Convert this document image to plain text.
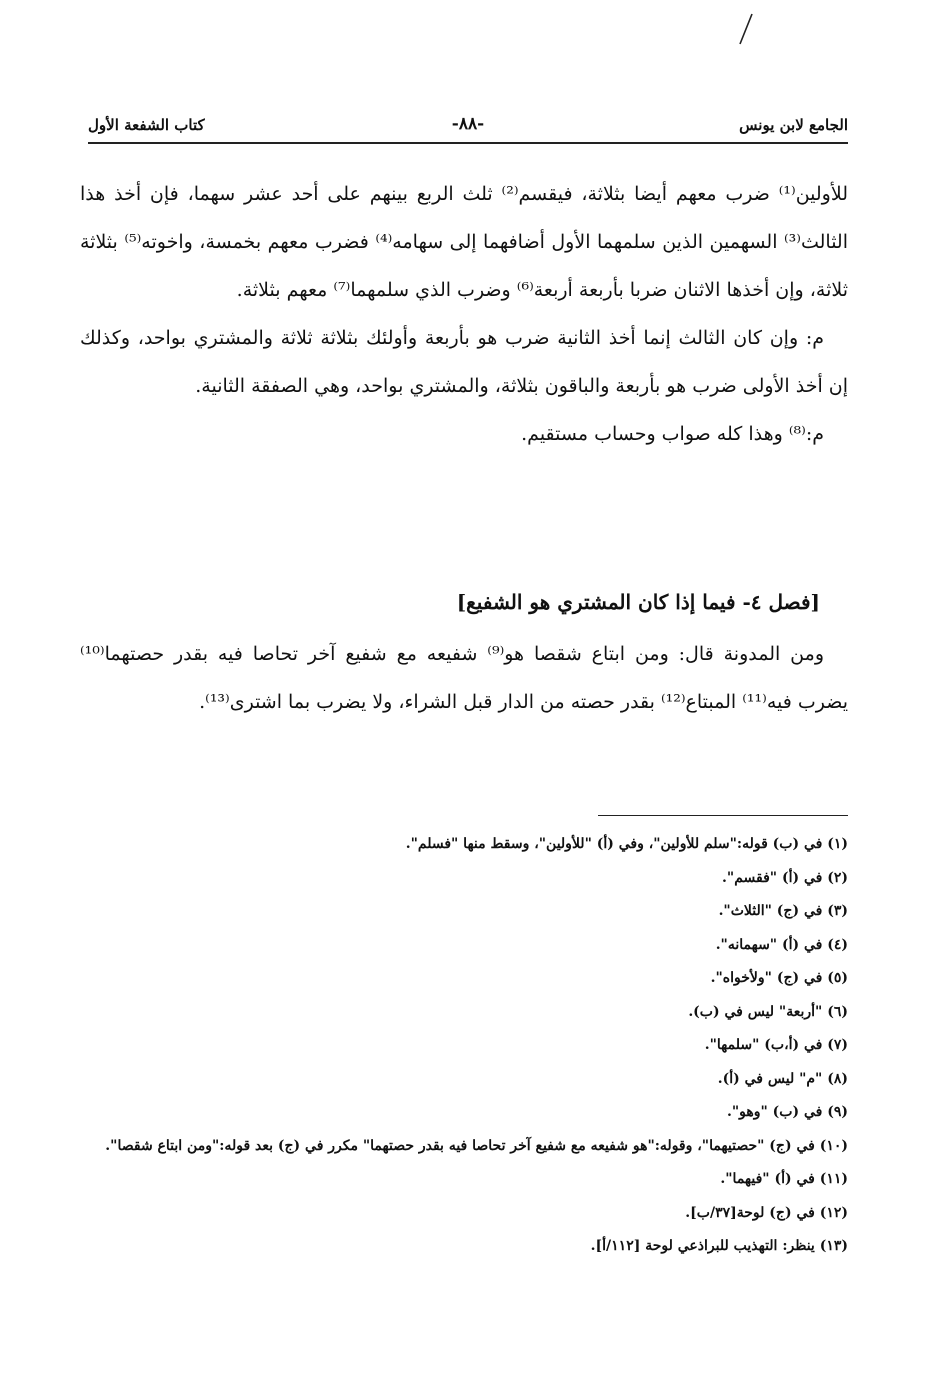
الجامع لابن يونس
-٨٨-
كتاب الشفعة الأول

للأولين⁽¹⁾ ضرب معهم أيضا بثلاثة، فيقسم⁽²⁾ ثلث الربع بينهم على أحد عشر سهما، فإن أخذ هذا الثالث⁽³⁾ السهمين الذين سلمهما الأول أضافهما إلى سهامه⁽⁴⁾ فضرب معهم بخمسة، واخوته⁽⁵⁾ بثلاثة ثلاثة، وإن أخذها الاثنان ضربا بأربعة أربعة⁽⁶⁾ وضرب الذي سلمهما⁽⁷⁾ معهم بثلاثة.

م: وإن كان الثالث إنما أخذ الثانية ضرب هو بأربعة وأولئك بثلاثة ثلاثة والمشتري بواحد، وكذلك إن أخذ الأولى ضرب هو بأربعة والباقون بثلاثة، والمشتري بواحد، وهي الصفقة الثانية.

م:⁽⁸⁾ وهذا كله صواب وحساب مستقيم.

[فصل ٤- فيما إذا كان المشتري هو الشفيع]

ومن المدونة قال: ومن ابتاع شقصا هو⁽⁹⁾ شفيعه مع شفيع آخر تحاصا فيه بقدر حصتهما⁽¹⁰⁾ يضرب فيه⁽¹¹⁾ المبتاع⁽¹²⁾ بقدر حصته من الدار قبل الشراء، ولا يضرب بما اشترى⁽¹³⁾.

(١) في (ب) قوله:"سلم للأولين"، وفي (أ) "للأولين"، وسقط منها "فسلم".

(٢) في (أ) "فقسم".

(٣) في (ج) "الثلاث".

(٤) في (أ) "سهمانه".

(٥) في (ج) "ولأخواه".

(٦) "أربعة" ليس في (ب).

(٧) في (أ،ب) "سلمها".

(٨) "م" ليس في (أ).

(٩) في (ب) "وهو".

(١٠) في (ج) "حصتيهما"، وقوله:"هو شفيعه مع شفيع آخر تحاصا فيه بقدر حصتهما" مكرر في (ج) بعد قوله:"ومن ابتاع شقصا".

(١١) في (أ) "فيهما".

(١٢) في (ج) لوحة[٣٧/ب].

(١٣) ينظر: التهذيب للبراذعي لوحة [١١٢/أ].
